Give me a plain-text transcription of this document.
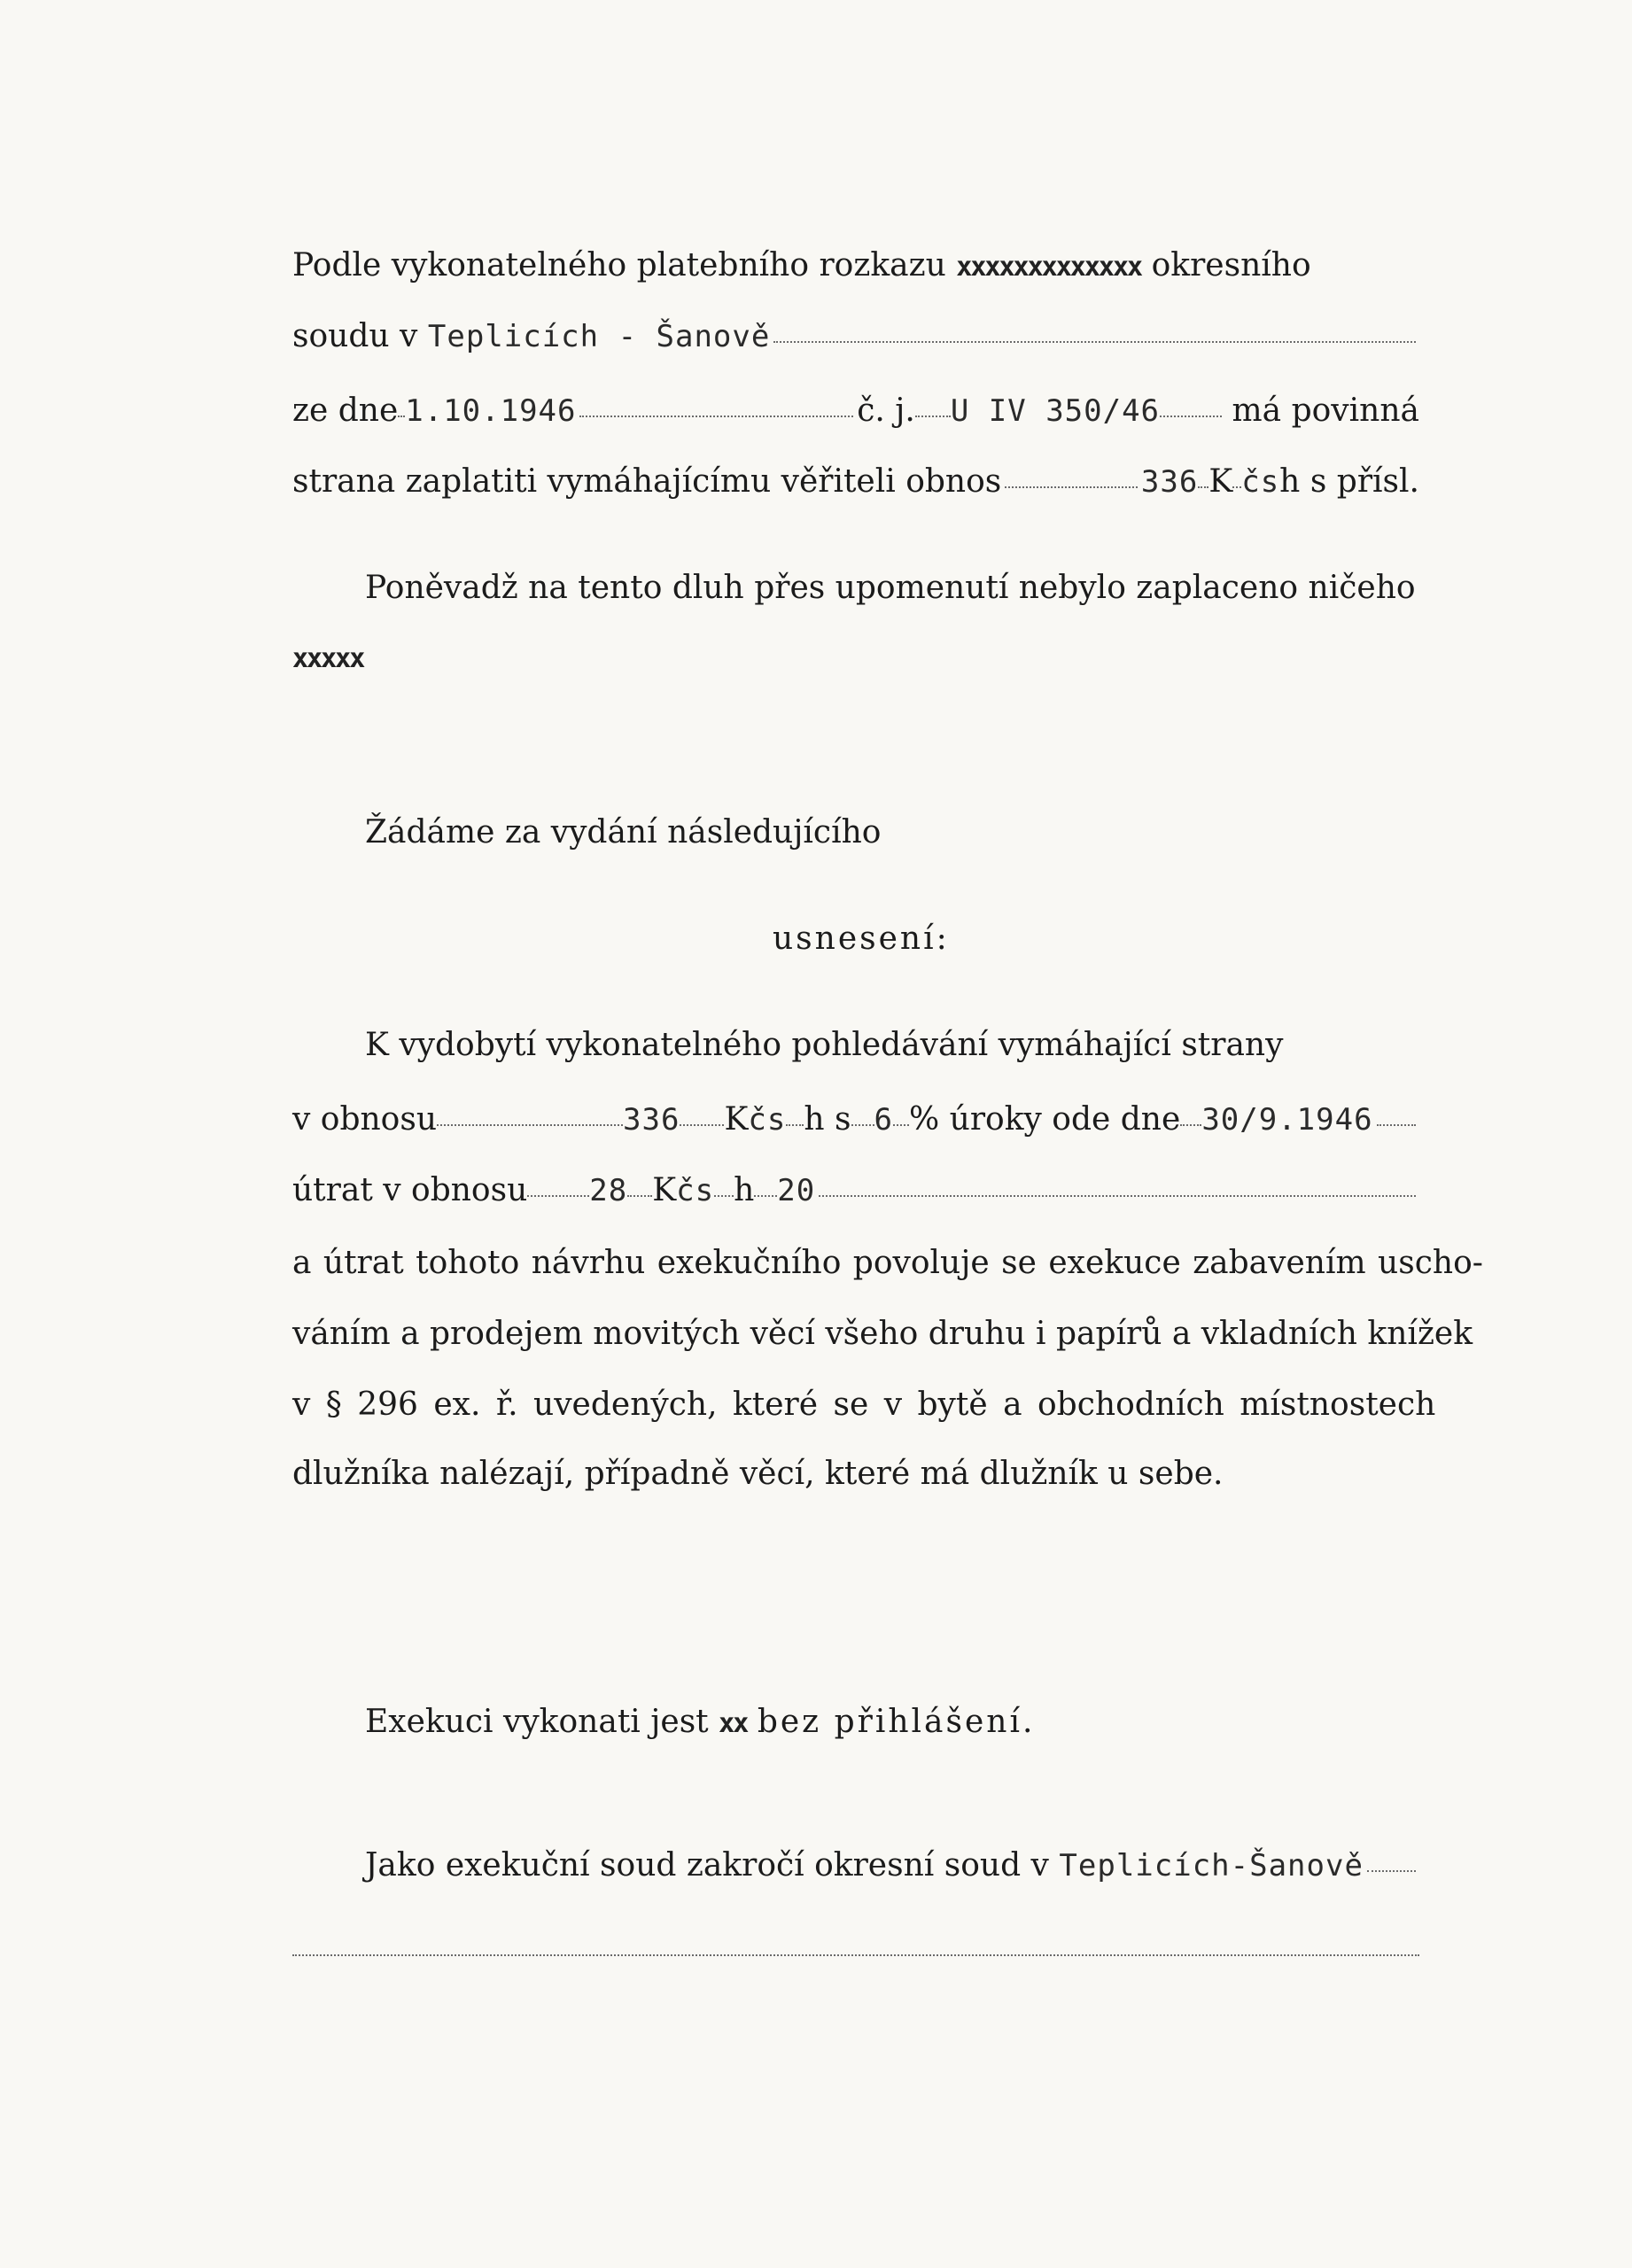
Podle vykonatelného platebního rozkazu xxxxxxxxxxxxx okresního
soudu v Teplicích - Šanově
ze dne 1.10.1946	č. j. U IV 350/46 má povinná
strana zaplatiti vymáhajícímu věřiteli obnos	336 K čs h s přísl.
Poněvadž na tento dluh přes upomenutí nebylo zaplaceno ničeho
xxxxx
Žádáme za vydání následujícího
usnesení:
K vydobytí vykonatelného pohledávání vymáhající strany
v obnosu	336 K čs h s 6 % úroky ode dne 30/9.1946
útrat v obnosu 28 K čs h 20
a útrat tohoto návrhu exekučního povoluje se exekuce zabavením uscho-
váním a prodejem movitých věcí všeho druhu i papírů a vkladních knížek
v § 296 ex. ř. uvedených, které se v bytě a obchodních místnostech
dlužníka nalézají, případně věcí, které má dlužník u sebe.
Exekuci vykonati jest xx bez přihlášení.
Jako exekuční soud zakročí okresní soud v Teplicích-Šanově
